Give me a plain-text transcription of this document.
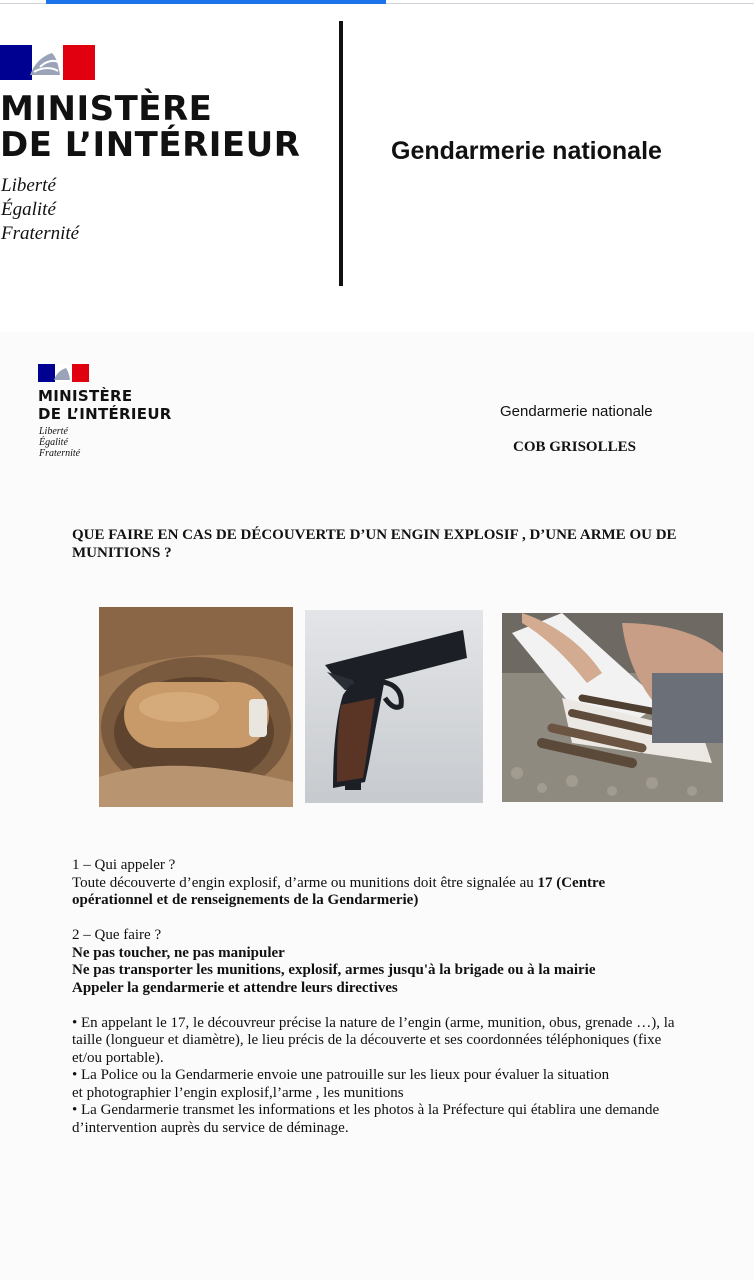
MINISTÈRE
DE L’INTÉRIEUR
Liberté
Égalité
Fraternité
Gendarmerie nationale
MINISTÈRE
DE L’INTÉRIEUR
Liberté
Égalité
Fraternité
Gendarmerie nationale
COB GRISOLLES
QUE FAIRE EN CAS DE DÉCOUVERTE D’UN ENGIN EXPLOSIF , D’UNE ARME OU DE MUNITIONS ?

1 – Qui appeler ?

Toute découverte d’engin explosif, d’arme ou munitions doit être signalée au 17 (Centre opérationnel et de renseignements de la Gendarmerie)

2 – Que faire ?

Ne pas toucher, ne pas manipuler

Ne pas transporter les munitions, explosif, armes jusqu'à la brigade ou à la mairie

Appeler la gendarmerie et attendre leurs directives

• En appelant le 17, le découvreur précise la nature de l’engin (arme, munition, obus, grenade …), la

taille (longueur et diamètre), le lieu précis de la découverte et ses coordonnées téléphoniques (fixe et/ou portable).

• La Police ou la Gendarmerie envoie une patrouille sur les lieux pour évaluer la situation

et photographier l’engin explosif,l’arme , les munitions

• La Gendarmerie transmet les informations et les photos à la Préfecture qui établira une demande

d’intervention auprès du service de déminage.
